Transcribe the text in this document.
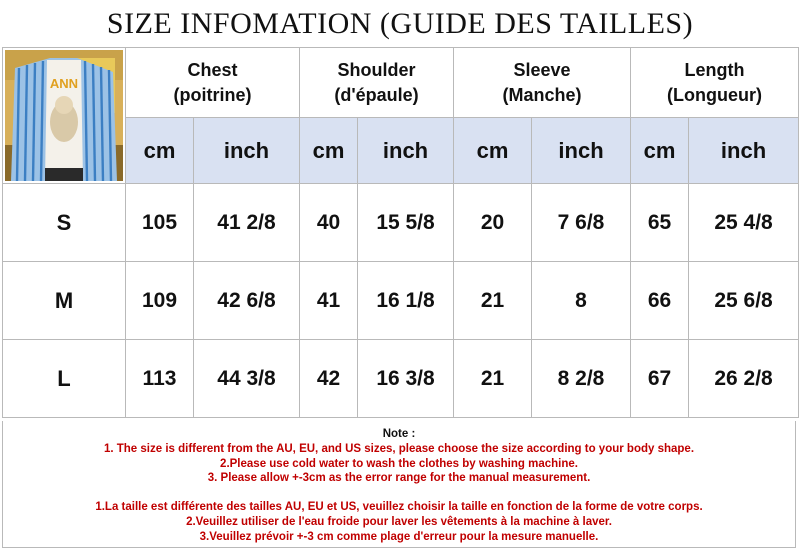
SIZE INFOMATION (GUIDE DES TAILLES)
ANN	Chest
(poitrine)		Shoulder
(d'épaule)		Sleeve
(Manche)		Length
(Longueur)	
	cm	inch	cm	inch	cm	inch	cm	inch
S	105	41 2/8	40	15 5/8	20	7 6/8	65	25 4/8
M	109	42 6/8	41	16 1/8	21	8	66	25 6/8
L	113	44 3/8	42	16 3/8	21	8 2/8	67	26 2/8
Note :
1. The size is different from the AU, EU, and US sizes, please choose the size according to your body shape.
2.Please use cold water to wash the clothes by washing machine.
3. Please allow +-3cm as the error range for the manual measurement.
1.La taille est différente des tailles AU, EU et US, veuillez choisir la taille en fonction de la forme de votre corps.
2.Veuillez utiliser de l'eau froide pour laver les vêtements à la machine à laver.
3.Veuillez prévoir +-3 cm comme plage d'erreur pour la mesure manuelle.
